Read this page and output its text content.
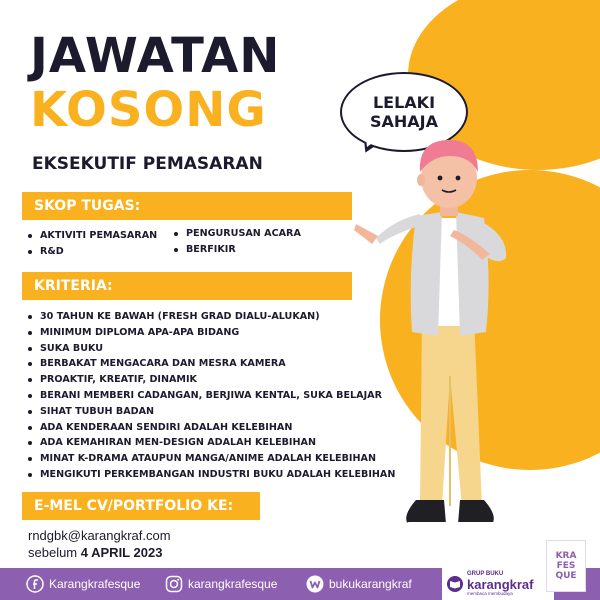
JAWATAN
KOSONG
EKSEKUTIF PEMASARAN
LELAKI
SAHAJA
SKOP TUGAS:
AKTIVITI PEMASARAN
R&D
PENGURUSAN ACARA
BERFIKIR
KRITERIA:
30 TAHUN KE BAWAH (FRESH GRAD DIALU-ALUKAN)
MINIMUM DIPLOMA APA-APA BIDANG
SUKA BUKU
BERBAKAT MENGACARA DAN MESRA KAMERA
PROAKTIF, KREATIF, DINAMIK
BERANI MEMBERI CADANGAN, BERJIWA KENTAL, SUKA BELAJAR
SIHAT TUBUH BADAN
ADA KENDERAAN SENDIRI ADALAH KELEBIHAN
ADA KEMAHIRAN MEN-DESIGN ADALAH KELEBIHAN
MINAT K-DRAMA ATAUPUN MANGA/ANIME ADALAH KELEBIHAN
MENGIKUTI PERKEMBANGAN INDUSTRI BUKU ADALAH KELEBIHAN
E-MEL CV/PORTFOLIO KE:
rndgbk@karangkraf.com
sebelum 4 APRIL 2023
Karangkrafesque	karangkrafesque	bukukarangkraf
GRUP BUKU
karangkraf
membaca membudaya
KRA
FES
QUE
